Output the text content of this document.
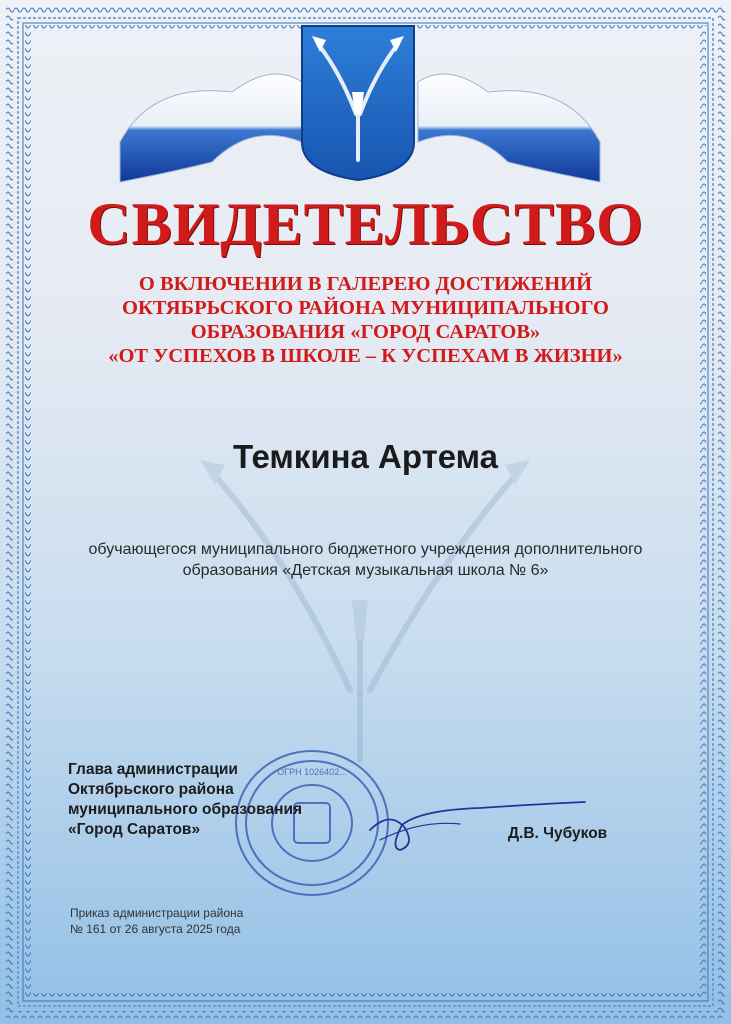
СВИДЕТЕЛЬСТВО
О ВКЛЮЧЕНИИ В ГАЛЕРЕЮ ДОСТИЖЕНИЙ
ОКТЯБРЬСКОГО РАЙОНА МУНИЦИПАЛЬНОГО
ОБРАЗОВАНИЯ «ГОРОД САРАТОВ»
«ОТ УСПЕХОВ В ШКОЛЕ – К УСПЕХАМ В ЖИЗНИ»
Темкина Артема
обучающегося муниципального бюджетного учреждения дополнительного
образования «Детская музыкальная школа № 6»
ОГРН 1026402...
Глава администрации
Октябрьского района
муниципального образования
«Город Саратов»	Д.В. Чубуков
Приказ администрации района
№ 161 от 26 августа 2025 года
